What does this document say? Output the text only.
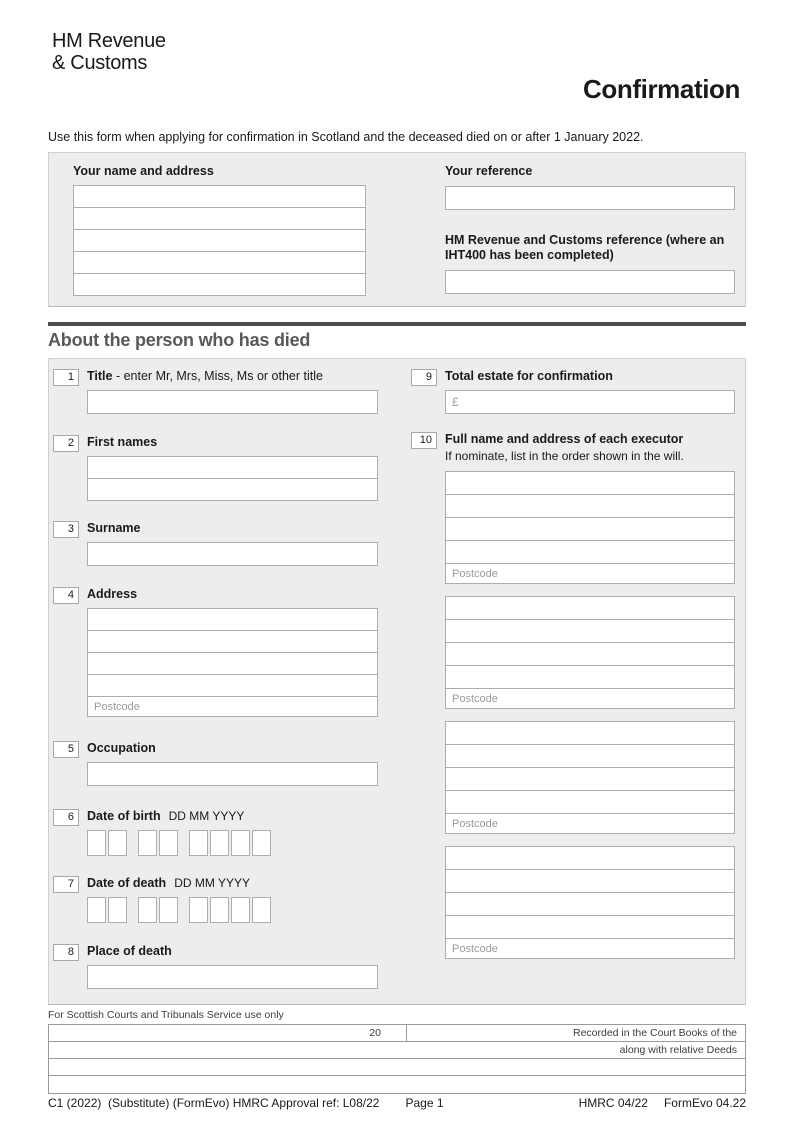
HM Revenue
& Customs
Confirmation
Use this form when applying for confirmation in Scotland and the deceased died on or after 1 January 2022.
Your name and address	Your reference
HM Revenue and Customs reference (where an IHT400 has been completed)
About the person who has died
1	Title - enter Mr, Mrs, Miss, Ms or other title
2	First names
3	Surname
4	Address
Postcode
5	Occupation
6	Date of birth DD MM YYYY
7	Date of death DD MM YYYY
8	Place of death
9	Total estate for confirmation
£
10	Full name and address of each executor
If nominate, list in the order shown in the will.
Postcode
Postcode
Postcode
Postcode
For Scottish Courts and Tribunals Service use only
20	Recorded in the Court Books of the
along with relative Deeds
C1 (2022)  (Substitute) (FormEvo) HMRC Approval ref: L08/22 Page 1	HMRC 04/22 FormEvo 04.22
